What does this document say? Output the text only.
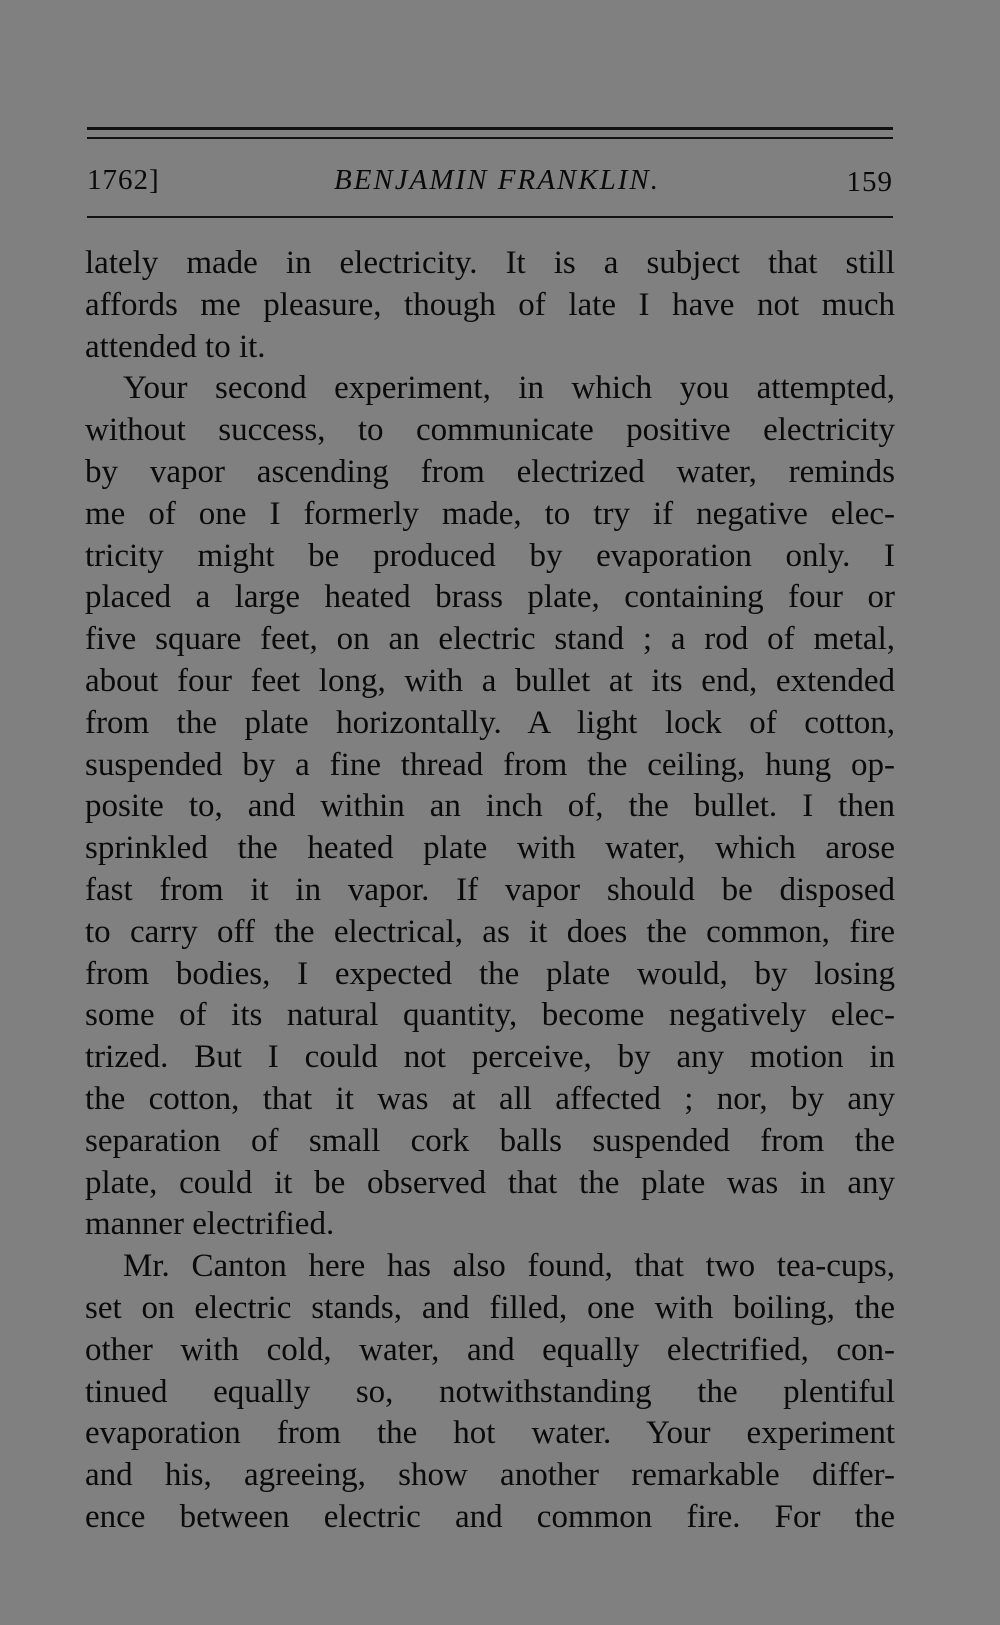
1762]	BENJAMIN FRANKLIN.	159
lately made in electricity. It is a subject that still
affords me pleasure, though of late I have not much
attended to it.
Your second experiment, in which you attempted,
without success, to communicate positive electricity
by vapor ascending from electrized water, reminds
me of one I formerly made, to try if negative elec-
tricity might be produced by evaporation only. I
placed a large heated brass plate, containing four or
five square feet, on an electric stand ; a rod of metal,
about four feet long, with a bullet at its end, extended
from the plate horizontally. A light lock of cotton,
suspended by a fine thread from the ceiling, hung op-
posite to, and within an inch of, the bullet. I then
sprinkled the heated plate with water, which arose
fast from it in vapor. If vapor should be disposed
to carry off the electrical, as it does the common, fire
from bodies, I expected the plate would, by losing
some of its natural quantity, become negatively elec-
trized. But I could not perceive, by any motion in
the cotton, that it was at all affected ; nor, by any
separation of small cork balls suspended from the
plate, could it be observed that the plate was in any
manner electrified.
Mr. Canton here has also found, that two tea-cups,
set on electric stands, and filled, one with boiling, the
other with cold, water, and equally electrified, con-
tinued equally so, notwithstanding the plentiful
evaporation from the hot water. Your experiment
and his, agreeing, show another remarkable differ-
ence between electric and common fire. For the
